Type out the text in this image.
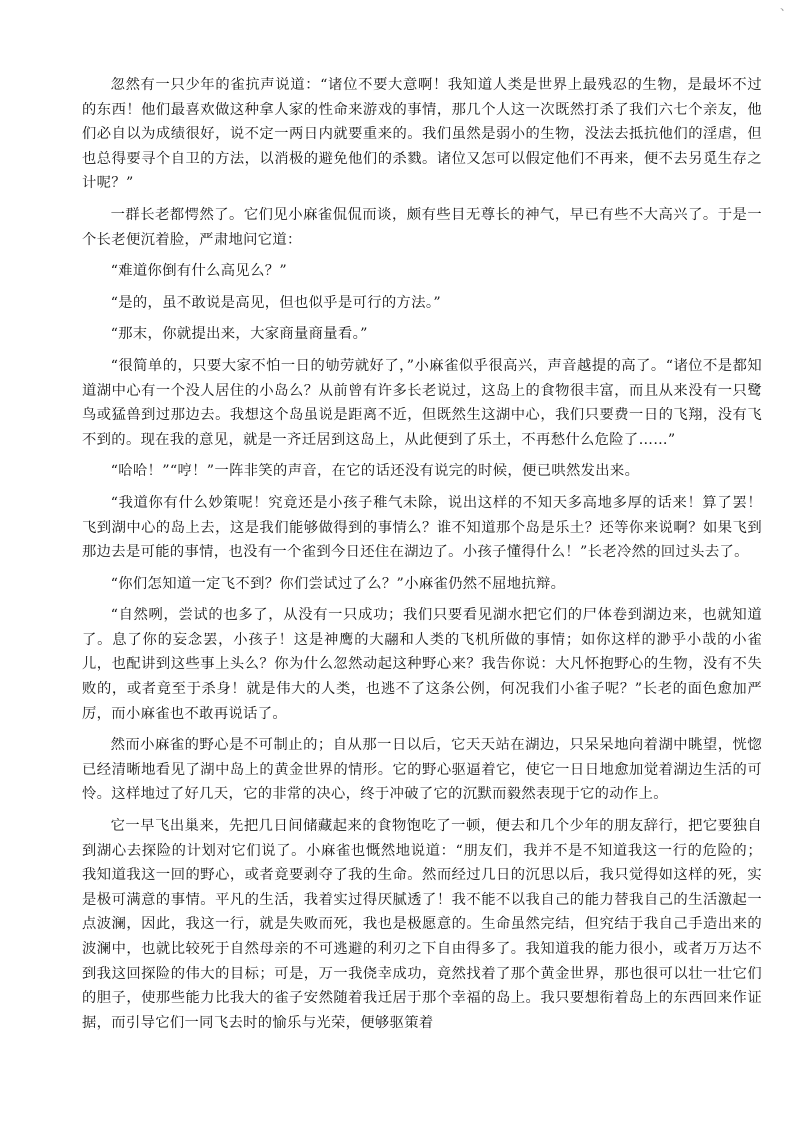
、

忽然有一只少年的雀抗声说道：“诸位不要大意啊！我知道人类是世界上最残忍的生物，是最坏不过的东西！他们最喜欢做这种拿人家的性命来游戏的事情，那几个人这一次既然打杀了我们六七个亲友，他们必自以为成绩很好，说不定一两日内就要重来的。我们虽然是弱小的生物，没法去抵抗他们的淫虐，但也总得要寻个自卫的方法，以消极的避免他们的杀戮。诸位又怎可以假定他们不再来，便不去另觅生存之计呢？”

一群长老都愕然了。它们见小麻雀侃侃而谈，颇有些目无尊长的神气，早已有些不大高兴了。于是一个长老便沉着脸，严肃地问它道：

“难道你倒有什么高见么？”

“是的，虽不敢说是高见，但也似乎是可行的方法。”

“那末，你就提出来，大家商量商量看。”

“很简单的，只要大家不怕一日的劬劳就好了，”小麻雀似乎很高兴，声音越提的高了。“诸位不是都知道湖中心有一个没人居住的小岛么？从前曾有许多长老说过，这岛上的食物很丰富，而且从来没有一只鹭鸟或猛兽到过那边去。我想这个岛虽说是距离不近，但既然生这湖中心，我们只要费一日的飞翔，没有飞不到的。现在我的意见，就是一齐迁居到这岛上，从此便到了乐土，不再愁什么危险了……”

“哈哈！”“哼！”一阵非笑的声音，在它的话还没有说完的时候，便已哄然发出来。

“我道你有什么妙策呢！究竟还是小孩子稚气未除，说出这样的不知天多高地多厚的话来！算了罢！飞到湖中心的岛上去，这是我们能够做得到的事情么？谁不知道那个岛是乐土？还等你来说啊？如果飞到那边去是可能的事情，也没有一个雀到今日还住在湖边了。小孩子懂得什么！”长老冷然的回过头去了。

“你们怎知道一定飞不到？你们尝试过了么？”小麻雀仍然不屈地抗辩。

“自然咧，尝试的也多了，从没有一只成功；我们只要看见湖水把它们的尸体卷到湖边来，也就知道了。息了你的妄念罢，小孩子！这是神鹰的大翮和人类的飞机所做的事情；如你这样的渺乎小哉的小雀儿，也配讲到这些事上头么？你为什么忽然动起这种野心来？我告你说：大凡怀抱野心的生物，没有不失败的，或者竟至于杀身！就是伟大的人类，也逃不了这条公例，何况我们小雀子呢？”长老的面色愈加严厉，而小麻雀也不敢再说话了。

然而小麻雀的野心是不可制止的；自从那一日以后，它天天站在湖边，只呆呆地向着湖中眺望，恍惚已经清晰地看见了湖中岛上的黄金世界的情形。它的野心驱逼着它，使它一日日地愈加觉着湖边生活的可怜。这样地过了好几天，它的非常的决心，终于冲破了它的沉默而毅然表现于它的动作上。

它一早飞出巢来，先把几日间储藏起来的食物饱吃了一顿，便去和几个少年的朋友辞行，把它要独自到湖心去探险的计划对它们说了。小麻雀也慨然地说道：“朋友们，我并不是不知道我这一行的危险的；我知道我这一回的野心，或者竟要剥夺了我的生命。然而经过几日的沉思以后，我只觉得如这样的死，实是极可满意的事情。平凡的生活，我着实过得厌腻透了！我不能不以我自己的能力替我自己的生活激起一点波澜，因此，我这一行，就是失败而死，我也是极愿意的。生命虽然完结，但究结于我自己手造出来的波澜中，也就比较死于自然母亲的不可逃避的利刃之下自由得多了。我知道我的能力很小，或者万万达不到我这回探险的伟大的目标；可是，万一我侥幸成功，竟然找着了那个黄金世界，那也很可以壮一壮它们的胆子，使那些能力比我大的雀子安然随着我迁居于那个幸福的岛上。我只要想衔着岛上的东西回来作证据，而引导它们一同飞去时的愉乐与光荣，便够驱策着
